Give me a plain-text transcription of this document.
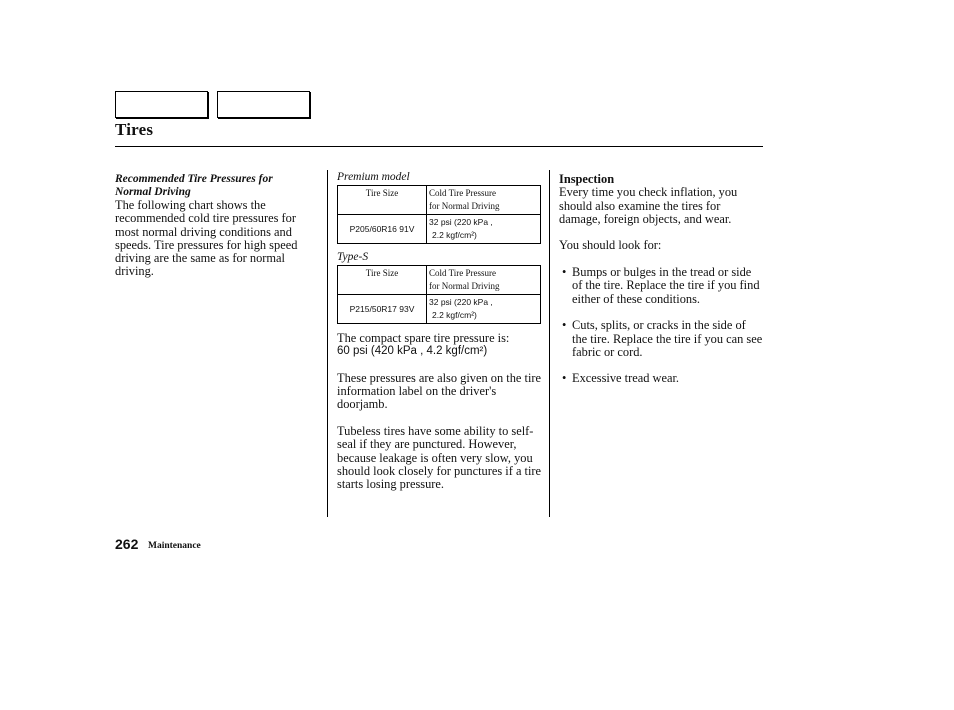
Tires
Recommended Tire Pressures for
Normal Driving

The following chart shows the recommended cold tire pressures for most normal driving conditions and speeds. Tire pressures for high speed driving are the same as for normal driving.

Premium model
Tire Size	Cold Tire Pressure
for Normal Driving

P205/60R16 91V	32 psi (220 kPa ,
2.2 kgf/cm²)
Type-S
Tire Size	Cold Tire Pressure
for Normal Driving

P215/50R17 93V	32 psi (220 kPa ,
2.2 kgf/cm²)

The compact spare tire pressure is:

60 psi (420 kPa , 4.2 kgf/cm²)

These pressures are also given on the tire information label on the driver's doorjamb.

Tubeless tires have some ability to self-seal if they are punctured. However, because leakage is often very slow, you should look closely for punctures if a tire starts losing pressure.

Inspection

Every time you check inflation, you should also examine the tires for damage, foreign objects, and wear.

You should look for:

• Bumps or bulges in the tread or side of the tire. Replace the tire if you find either of these conditions.
• Cuts, splits, or cracks in the side of the tire. Replace the tire if you can see fabric or cord.
• Excessive tread wear.
262 Maintenance
